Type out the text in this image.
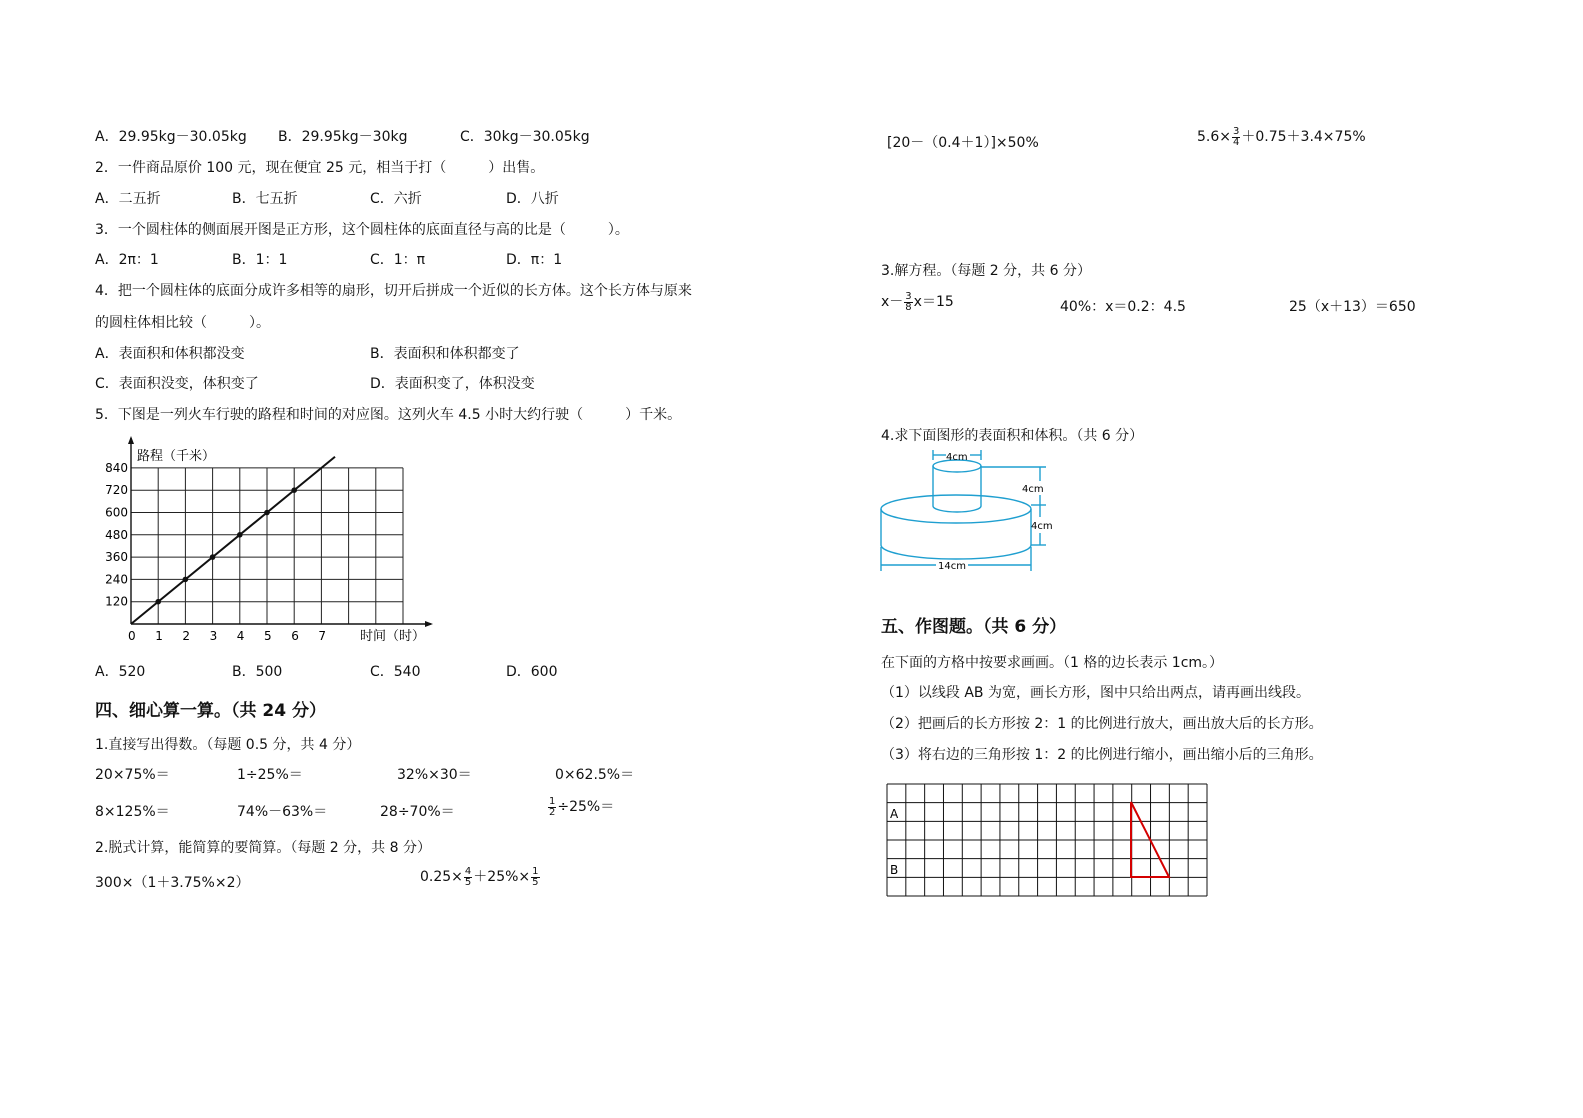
A．29.95kg－30.05kg B．29.95kg－30kg	C．30kg－30.05kg
2．一件商品原价 100 元，现在便宜 25 元，相当于打（　　　）出售。
A．二五折	B．七五折	C．六折	D．八折
3．一个圆柱体的侧面展开图是正方形，这个圆柱体的底面直径与高的比是（　　　）。
A．2π：1	B．1：1	C．1：π	D．π：1
4．把一个圆柱体的底面分成许多相等的扇形，切开后拼成一个近似的长方体。这个长方体与原来
的圆柱体相比较（　　　）。
A．表面积和体积都没变	B．表面积和体积都变了
C．表面积没变，体积变了	D．表面积变了，体积没变
5．下图是一列火车行驶的路程和时间的对应图。这列火车 4.5 小时大约行驶（　　　）千米。
0 1 2 3 4 5 6 7
120
240
360
480
600
720
840
路程（千米）
时间（时）
A．520	B．500	C．540	D．600
四、细心算一算。（共 24 分）
1.直接写出得数。（每题 0.5 分，共 4 分）
20×75%＝	1÷25%＝	32%×30＝	0×62.5%＝
8×125%＝	74%－63%＝	28÷70%＝	$\frac{1}{2} \div 25\%=$
2.脱式计算，能简算的要简算。（每题 2 分，共 8 分）
300×（1＋3.75%×2）	$0.25\times \frac{4}{5} +25\%\times \frac{1}{5}$
[20－（0.4＋1）]×50%	$5.6\times \frac{3}{4} +0.75+3.4\times 75\%$
3.解方程。（每题 2 分，共 6 分）
$x- \frac{3}{8} x=15$	40%：x＝0.2：4.5	25（x＋13）＝650
4.求下面图形的表面积和体积。（共 6 分）
4cm
4cm
4cm
14cm
五、作图题。（共 6 分）
在下面的方格中按要求画画。（1 格的边长表示 1cm。）
（1）以线段 AB 为宽，画长方形，图中只给出两点，请再画出线段。
（2）把画后的长方形按 2：1 的比例进行放大，画出放大后的长方形。
（3）将右边的三角形按 1：2 的比例进行缩小，画出缩小后的三角形。
A
B
